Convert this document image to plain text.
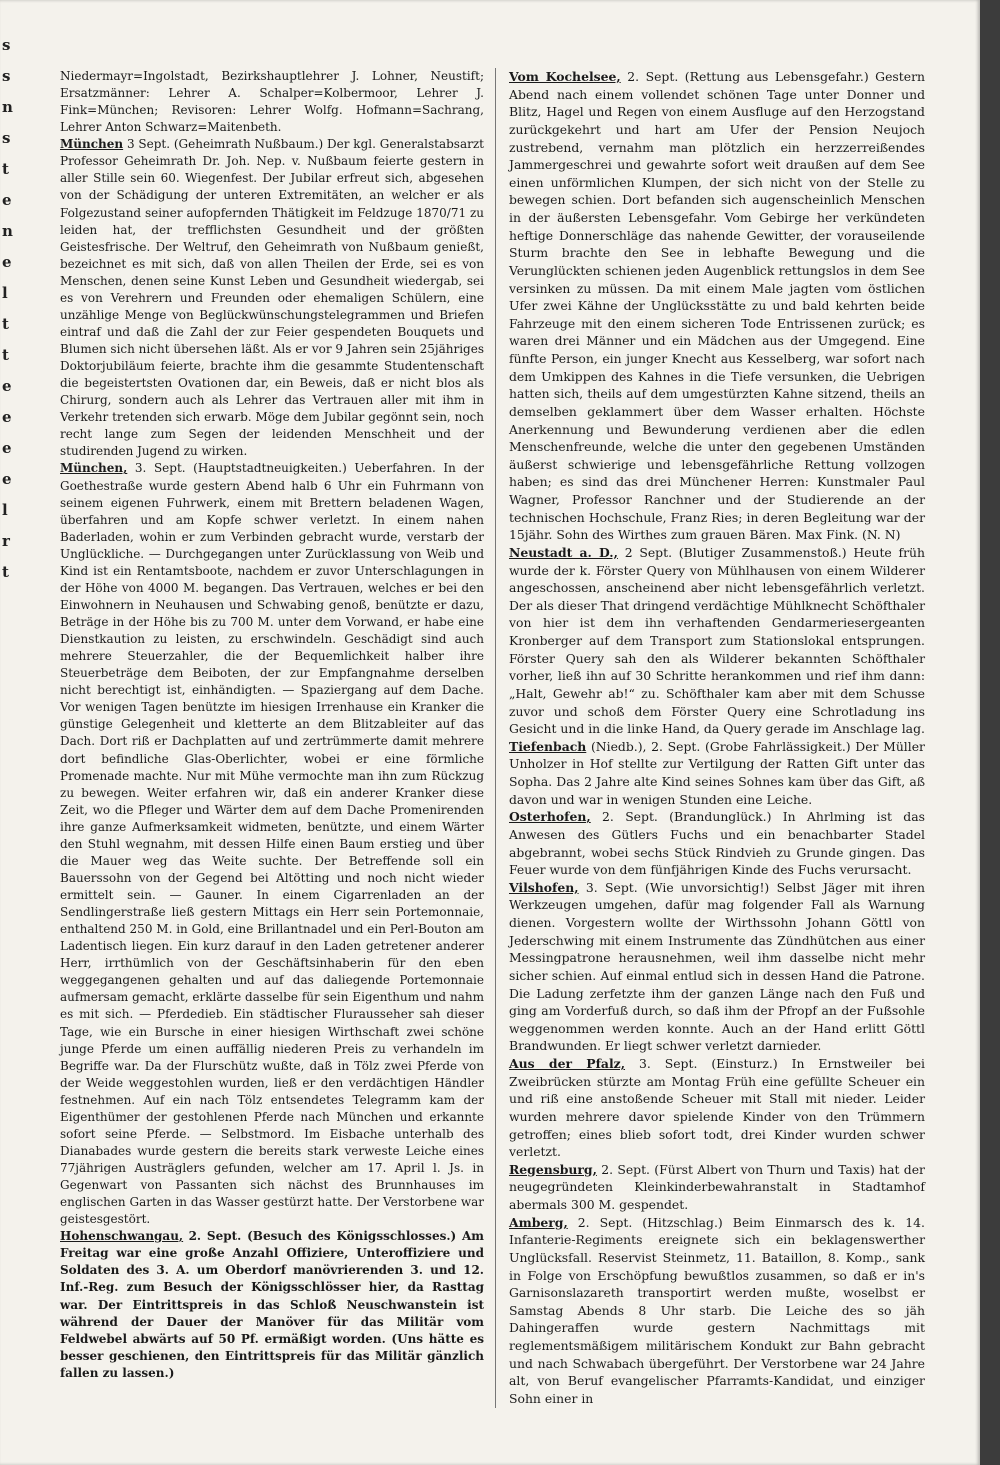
s
s
n
s
t
e
n
e
l
t
t
e
e
e
e
l
r
t

Niedermayr=Ingolstadt, Bezirkshauptlehrer J. Lohner, Neustift; Ersatzmänner: Lehrer A. Schalper=Kolbermoor, Lehrer J. Fink=München; Revisoren: Lehrer Wolfg. Hofmann=Sachrang, Lehrer Anton Schwarz=Maitenbeth.

München 3 Sept. (Geheimrath Nußbaum.) Der kgl. Generalstabsarzt Professor Geheimrath Dr. Joh. Nep. v. Nußbaum feierte gestern in aller Stille sein 60. Wiegenfest. Der Jubilar erfreut sich, abgesehen von der Schädigung der unteren Extremitäten, an welcher er als Folgezustand seiner aufopfernden Thätigkeit im Feldzuge 1870/71 zu leiden hat, der trefflichsten Gesundheit und der größten Geistesfrische. Der Weltruf, den Geheimrath von Nußbaum genießt, bezeichnet es mit sich, daß von allen Theilen der Erde, sei es von Menschen, denen seine Kunst Leben und Gesundheit wiedergab, sei es von Verehrern und Freunden oder ehemaligen Schülern, eine unzählige Menge von Beglückwünschungstelegrammen und Briefen eintraf und daß die Zahl der zur Feier gespendeten Bouquets und Blumen sich nicht übersehen läßt. Als er vor 9 Jahren sein 25jähriges Doktorjubiläum feierte, brachte ihm die gesammte Studentenschaft die begeistertsten Ovationen dar, ein Beweis, daß er nicht blos als Chirurg, sondern auch als Lehrer das Vertrauen aller mit ihm in Verkehr tretenden sich erwarb. Möge dem Jubilar gegönnt sein, noch recht lange zum Segen der leidenden Menschheit und der studirenden Jugend zu wirken.

München, 3. Sept. (Hauptstadtneuigkeiten.) Ueberfahren. In der Goethestraße wurde gestern Abend halb 6 Uhr ein Fuhrmann von seinem eigenen Fuhrwerk, einem mit Brettern beladenen Wagen, überfahren und am Kopfe schwer verletzt. In einem nahen Baderladen, wohin er zum Verbinden gebracht wurde, verstarb der Unglückliche. — Durchgegangen unter Zurücklassung von Weib und Kind ist ein Rentamtsboote, nachdem er zuvor Unterschlagungen in der Höhe von 4000 M. begangen. Das Vertrauen, welches er bei den Einwohnern in Neuhausen und Schwabing genoß, benützte er dazu, Beträge in der Höhe bis zu 700 M. unter dem Vorwand, er habe eine Dienstkaution zu leisten, zu erschwindeln. Geschädigt sind auch mehrere Steuerzahler, die der Bequemlichkeit halber ihre Steuerbeträge dem Beiboten, der zur Empfangnahme derselben nicht berechtigt ist, einhändigten. — Spaziergang auf dem Dache. Vor wenigen Tagen benützte im hiesigen Irrenhause ein Kranker die günstige Gelegenheit und kletterte an dem Blitzableiter auf das Dach. Dort riß er Dachplatten auf und zertrümmerte damit mehrere dort befindliche Glas-Oberlichter, wobei er eine förmliche Promenade machte. Nur mit Mühe vermochte man ihn zum Rückzug zu bewegen. Weiter erfahren wir, daß ein anderer Kranker diese Zeit, wo die Pfleger und Wärter dem auf dem Dache Promenirenden ihre ganze Aufmerksamkeit widmeten, benützte, und einem Wärter den Stuhl wegnahm, mit dessen Hilfe einen Baum erstieg und über die Mauer weg das Weite suchte. Der Betreffende soll ein Bauerssohn von der Gegend bei Altötting und noch nicht wieder ermittelt sein. — Gauner. In einem Cigarrenladen an der Sendlingerstraße ließ gestern Mittags ein Herr sein Portemonnaie, enthaltend 250 M. in Gold, eine Brillantnadel und ein Perl-Bouton am Ladentisch liegen. Ein kurz darauf in den Laden getretener anderer Herr, irrthümlich von der Geschäftsinhaberin für den eben weggegangenen gehalten und auf das daliegende Portemonnaie aufmersam gemacht, erklärte dasselbe für sein Eigenthum und nahm es mit sich. — Pferdedieb. Ein städtischer Flurausseher sah dieser Tage, wie ein Bursche in einer hiesigen Wirthschaft zwei schöne junge Pferde um einen auffällig niederen Preis zu verhandeln im Begriffe war. Da der Flurschütz wußte, daß in Tölz zwei Pferde von der Weide weggestohlen wurden, ließ er den verdächtigen Händler festnehmen. Auf ein nach Tölz entsendetes Telegramm kam der Eigenthümer der gestohlenen Pferde nach München und erkannte sofort seine Pferde. — Selbstmord. Im Eisbache unterhalb des Dianabades wurde gestern die bereits stark verweste Leiche eines 77jährigen Austräglers gefunden, welcher am 17. April l. Js. in Gegenwart von Passanten sich nächst des Brunnhauses im englischen Garten in das Wasser gestürzt hatte. Der Verstorbene war geistesgestört.

Hohenschwangau, 2. Sept. (Besuch des Königsschlosses.) Am Freitag war eine große Anzahl Offiziere, Unteroffiziere und Soldaten des 3. A. um Oberdorf manövrierenden 3. und 12. Inf.-Reg. zum Besuch der Königsschlösser hier, da Rasttag war. Der Eintrittspreis in das Schloß Neuschwanstein ist während der Dauer der Manöver für das Militär vom Feldwebel abwärts auf 50 Pf. ermäßigt worden. (Uns hätte es besser geschienen, den Eintrittspreis für das Militär gänzlich fallen zu lassen.)

Vom Kochelsee, 2. Sept. (Rettung aus Lebensgefahr.) Gestern Abend nach einem vollendet schönen Tage unter Donner und Blitz, Hagel und Regen von einem Ausfluge auf den Herzogstand zurückgekehrt und hart am Ufer der Pension Neujoch zustrebend, vernahm man plötzlich ein herzzerreißendes Jammergeschrei und gewahrte sofort weit draußen auf dem See einen unförmlichen Klumpen, der sich nicht von der Stelle zu bewegen schien. Dort befanden sich augenscheinlich Menschen in der äußersten Lebensgefahr. Vom Gebirge her verkündeten heftige Donnerschläge das nahende Gewitter, der vorauseilende Sturm brachte den See in lebhafte Bewegung und die Verunglückten schienen jeden Augenblick rettungslos in dem See versinken zu müssen. Da mit einem Male jagten vom östlichen Ufer zwei Kähne der Unglücksstätte zu und bald kehrten beide Fahrzeuge mit den einem sicheren Tode Entrissenen zurück; es waren drei Männer und ein Mädchen aus der Umgegend. Eine fünfte Person, ein junger Knecht aus Kesselberg, war sofort nach dem Umkippen des Kahnes in die Tiefe versunken, die Uebrigen hatten sich, theils auf dem umgestürzten Kahne sitzend, theils an demselben geklammert über dem Wasser erhalten. Höchste Anerkennung und Bewunderung verdienen aber die edlen Menschenfreunde, welche die unter den gegebenen Umständen äußerst schwierige und lebensgefährliche Rettung vollzogen haben; es sind das drei Münchener Herren: Kunstmaler Paul Wagner, Professor Ranchner und der Studierende an der technischen Hochschule, Franz Ries; in deren Begleitung war der 15jähr. Sohn des Wirthes zum grauen Bären. Max Fink. (N. N)

Neustadt a. D., 2 Sept. (Blutiger Zusammenstoß.) Heute früh wurde der k. Förster Query von Mühlhausen von einem Wilderer angeschossen, anscheinend aber nicht lebensgefährlich verletzt. Der als dieser That dringend verdächtige Mühlknecht Schöfthaler von hier ist dem ihn verhaftenden Gendarmeriesergeanten Kronberger auf dem Transport zum Stationslokal entsprungen. Förster Query sah den als Wilderer bekannten Schöfthaler vorher, ließ ihn auf 30 Schritte herankommen und rief ihm dann: „Halt, Gewehr ab!“ zu. Schöfthaler kam aber mit dem Schusse zuvor und schoß dem Förster Query eine Schrotladung ins Gesicht und in die linke Hand, da Query gerade im Anschlage lag.

Tiefenbach (Niedb.), 2. Sept. (Grobe Fahrlässigkeit.) Der Müller Unholzer in Hof stellte zur Vertilgung der Ratten Gift unter das Sopha. Das 2 Jahre alte Kind seines Sohnes kam über das Gift, aß davon und war in wenigen Stunden eine Leiche.

Osterhofen, 2. Sept. (Brandunglück.) In Ahrlming ist das Anwesen des Gütlers Fuchs und ein benachbarter Stadel abgebrannt, wobei sechs Stück Rindvieh zu Grunde gingen. Das Feuer wurde von dem fünfjährigen Kinde des Fuchs verursacht.

Vilshofen, 3. Sept. (Wie unvorsichtig!) Selbst Jäger mit ihren Werkzeugen umgehen, dafür mag folgender Fall als Warnung dienen. Vorgestern wollte der Wirthssohn Johann Göttl von Jederschwing mit einem Instrumente das Zündhütchen aus einer Messingpatrone herausnehmen, weil ihm dasselbe nicht mehr sicher schien. Auf einmal entlud sich in dessen Hand die Patrone. Die Ladung zerfetzte ihm der ganzen Länge nach den Fuß und ging am Vorderfuß durch, so daß ihm der Pfropf an der Fußsohle weggenommen werden konnte. Auch an der Hand erlitt Göttl Brandwunden. Er liegt schwer verletzt darnieder.

Aus der Pfalz, 3. Sept. (Einsturz.) In Ernstweiler bei Zweibrücken stürzte am Montag Früh eine gefüllte Scheuer ein und riß eine anstoßende Scheuer mit Stall mit nieder. Leider wurden mehrere davor spielende Kinder von den Trümmern getroffen; eines blieb sofort todt, drei Kinder wurden schwer verletzt.

Regensburg, 2. Sept. (Fürst Albert von Thurn und Taxis) hat der neugegründeten Kleinkinderbewahranstalt in Stadtamhof abermals 300 M. gespendet.

Amberg, 2. Sept. (Hitzschlag.) Beim Einmarsch des k. 14. Infanterie-Regiments ereignete sich ein beklagenswerther Unglücksfall. Reservist Steinmetz, 11. Bataillon, 8. Komp., sank in Folge von Erschöpfung bewußtlos zusammen, so daß er in's Garnisonslazareth transportirt werden mußte, woselbst er Samstag Abends 8 Uhr starb. Die Leiche des so jäh Dahingeraffen wurde gestern Nachmittags mit reglementsmäßigem militärischem Kondukt zur Bahn gebracht und nach Schwabach übergeführt. Der Verstorbene war 24 Jahre alt, von Beruf evangelischer Pfarramts-Kandidat, und einziger Sohn einer in
